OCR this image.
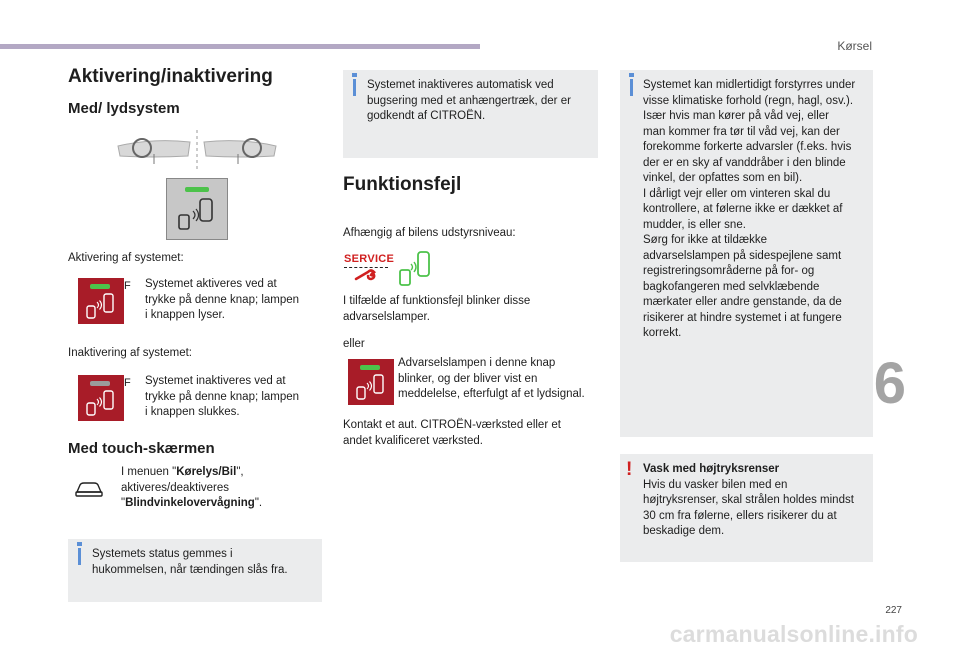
Kørsel
6
227
carmanualsonline.info
Aktivering/inaktivering
Med/ lydsystem
Aktivering af systemet:
F Systemet aktiveres ved at
trykke på denne knap; lampen
i knappen lyser.
Inaktivering af systemet:
F Systemet inaktiveres ved at
trykke på denne knap; lampen
i knappen slukkes.
Med touch-skærmen
I menuen "Kørelys/Bil",
aktiveres/deaktiveres
"Blindvinkelovervågning".
Systemets status gemmes i
hukommelsen, når tændingen slås fra.
Systemet inaktiveres automatisk ved
bugsering med et anhængertræk, der er
godkendt af CITROËN.
Funktionsfejl
Afhængig af bilens udstyrsniveau:
SERVICE
I tilfælde af funktionsfejl blinker disse
advarselslamper.
eller
Advarselslampen i denne knap
blinker, og der bliver vist en
meddelelse, efterfulgt af et lydsignal.
Kontakt et aut. CITROËN-værksted eller et
andet kvalificeret værksted.
Systemet kan midlertidigt forstyrres under
visse klimatiske forhold (regn, hagl, osv.).
Især hvis man kører på våd vej, eller
man kommer fra tør til våd vej, kan der
forekomme forkerte advarsler (f.eks. hvis
der er en sky af vanddråber i den blinde
vinkel, der opfattes som en bil).
I dårligt vejr eller om vinteren skal du
kontrollere, at følerne ikke er dækket af
mudder, is eller sne.
Sørg for ikke at tildække
advarselslampen på sidespejlene samt
registreringsområderne på for- og
bagkofangeren med selvklæbende
mærkater eller andre genstande, da de
risikerer at hindre systemet i at fungere
korrekt.
Vask med højtryksrenser
Hvis du vasker bilen med en
højtryksrenser, skal strålen holdes mindst
30 cm fra følerne, ellers risikerer du at
beskadige dem.
!
